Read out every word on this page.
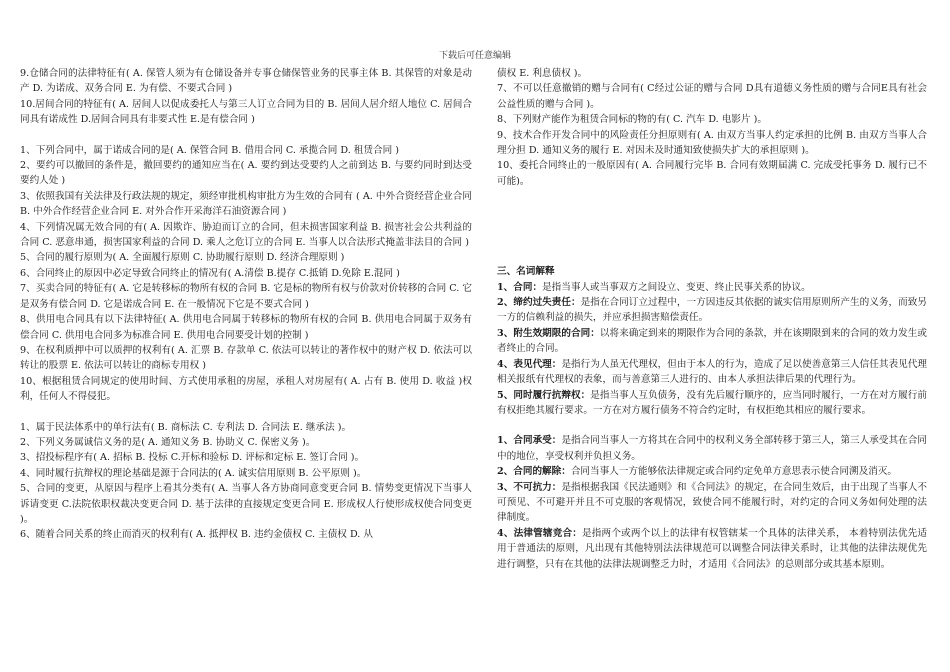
下载后可任意编辑

9.仓储合同的法律特征有( A. 保管人须为有仓储设备并专事仓储保管业务的民事主体 B. 其保管的对象是动产 D. 为诺成、双务合同 E. 为有偿、不要式合同 )

10.居间合同的特征有( A. 居间人以促成委托人与第三人订立合同为目的 B. 居间人居介绍人地位 C. 居间合同具有诺成性 D.居间合同具有非要式性 E.是有偿合同 )

1、下列合同中，属于诺成合同的是( A. 保管合同 B. 借用合同 C. 承揽合同 D. 租赁合同 )

2、要约可以撤回的条件是，撤回要约的通知应当在( A. 要约到达受要约人之前到达 B. 与要约同时到达受要约人处 )

3、依照我国有关法律及行政法规的规定，须经审批机构审批方为生效的合同有 ( A. 中外合资经营企业合同 B. 中外合作经营企业合同 E. 对外合作开采海洋石油资源合同 )

4、下列情况属无效合同的有( A. 因欺诈、胁迫而订立的合同，但未损害国家利益 B. 损害社会公共利益的合同 C. 恶意串通，损害国家利益的合同 D. 乘人之危订立的合同 E. 当事人以合法形式掩盖非法目的合同 )

5、合同的履行原则为( A. 全面履行原则 C. 协助履行原则 D. 经济合理原则 )

6、合同终止的原因中必定导致合同终止的情况有( A.清偿 B.提存 C.抵销 D.免除 E.混同 )

7、买卖合同的特征有( A. 它是转移标的物所有权的合同 B. 它是标的物所有权与价款对价转移的合同 C. 它是双务有偿合同 D. 它是诺成合同 E. 在一般情况下它是不要式合同 )

8、供用电合同具有以下法律特征( A. 供用电合同属于转移标的物所有权的合同 B. 供用电合同属于双务有偿合同 C. 供用电合同多为标准合同 E. 供用电合同要受计划的控制 )

9、在权利质押中可以质押的权利有( A. 汇票 B. 存款单 C. 依法可以转让的著作权中的财产权 D. 依法可以转让的股票 E. 依法可以转让的商标专用权 )

10、根据租赁合同规定的使用时间、方式使用承租的房屋，承租人对房屋有( A. 占有 B. 使用 D. 收益 )权利，任何人不得侵犯。

1、属于民法体系中的单行法有( B. 商标法 C. 专利法 D. 合同法 E. 继承法 )。

2、下列义务属诚信义务的是( A. 通知义务 B. 协助义 C. 保密义务 )。

3、招投标程序有( A. 招标 B. 投标 C.开标和验标 D. 评标和定标 E. 签订合同 )。

4、同时履行抗辩权的理论基础是源于合同法的( A. 诚实信用原则 B. 公平原则 )。

5、合同的变更，从原因与程序上看其分类有( A. 当事人各方协商同意变更合同 B. 情势变更情况下当事人诉请变更 C.法院依职权裁决变更合同 D. 基于法律的直接规定变更合同 E. 形成权人行使形成权使合同变更 )。

6、随着合同关系的终止而消灭的权利有( A. 抵押权 B. 违约金债权 C. 主债权 D. 从

债权 E. 利息债权 )。

7、不可以任意撤销的赠与合同有( C经过公证的赠与合同 D具有道德义务性质的赠与合同E具有社会公益性质的赠与合同 )。

8、下列财产能作为租赁合同标的物的有( C. 汽车 D. 电影片 )。

9、技术合作开发合同中的风险责任分担原则有( A. 由双方当事人约定承担的比例 B. 由双方当事人合理分担 D. 通知义务的履行 E. 对因未及时通知致使损失扩大的承担原则 )。

10、委托合同终止的一般原因有( A. 合同履行完毕 B. 合同有效期届满 C. 完成受托事务 D. 履行已不可能)。

三、名词解释

1、合同：是指当事人或当事双方之间设立、变更、终止民事关系的协议。

2、缔约过失责任：是指在合同订立过程中，一方因违反其依据的诚实信用原则所产生的义务，而致另一方的信赖利益的损失，并应承担损害赔偿责任。

3、附生效期限的合同：以将来确定到来的期限作为合同的条款，并在该期限到来的合同的效力发生或者终止的合同。

4、表见代理：是指行为人虽无代理权，但由于本人的行为，造成了足以使善意第三人信任其表见代理相关报纸有代理权的表象，而与善意第三人进行的、由本人承担法律后果的代理行为。

5、同时履行抗辩权：是指当事人互负债务，没有先后履行顺序的，应当同时履行，一方在对方履行前有权拒绝其履行要求。一方在对方履行债务不符合约定时，有权拒绝其相应的履行要求。

1、合同承受：是指合同当事人一方将其在合同中的权利义务全部转移于第三人，第三人承受其在合同中的地位，享受权利并负担义务。

2、合同的解除：合同当事人一方能够依法律规定或合同约定免单方意思表示使合同溯及消灭。

3、不可抗力：是指根据我国《民法通则》和《合同法》的规定，在合同生效后，由于出现了当事人不可预见、不可避开并且不可克服的客观情况，致使合同不能履行时，对约定的合同义务如何处理的法律制度。

4、法律管辖竞合：是指两个或两个以上的法律有权管辖某一个具体的法律关系， 本着特别法优先适用于普通法的原则，凡出现有其他特别法法律规范可以调整合同法律关系时，让其他的法律法规优先进行调整，只有在其他的法律法规调整乏力时，才适用《合同法》的总则部分或其基本原则。
